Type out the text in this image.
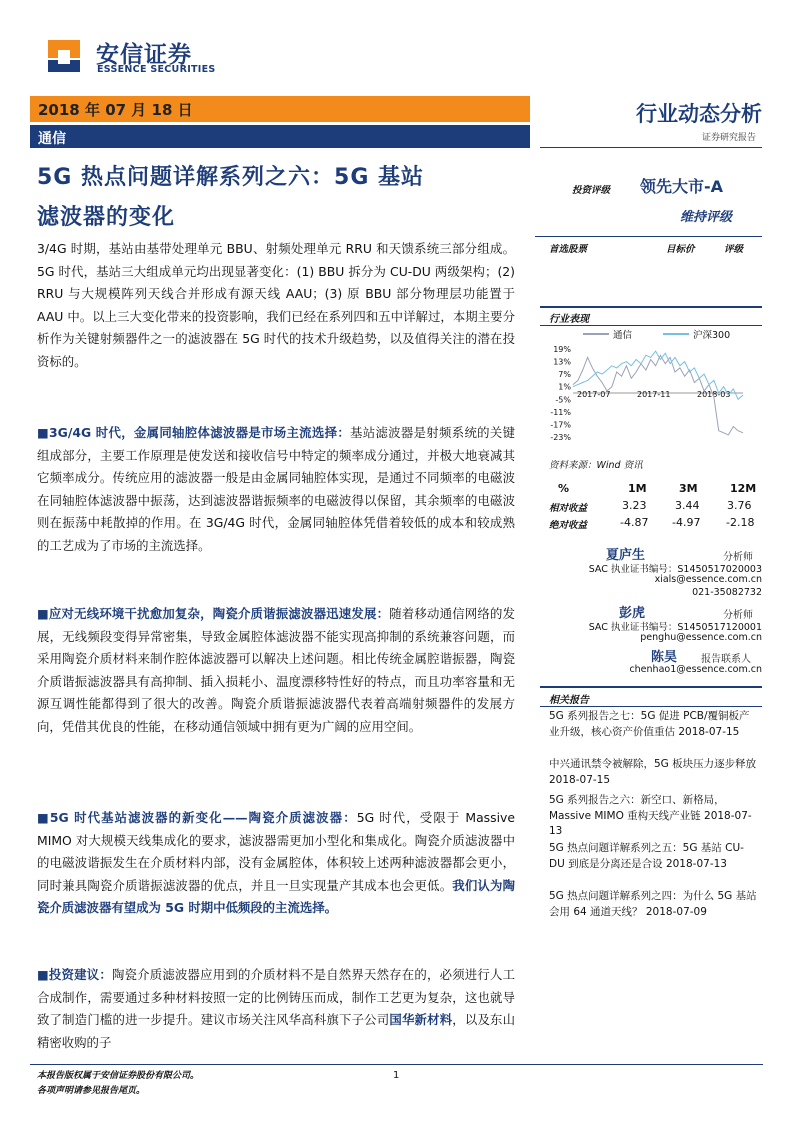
安信证券
ESSENCE SECURITIES
2018 年 07 月 18 日
通信
行业动态分析
证券研究报告
5G 热点问题详解系列之六：5G 基站
滤波器的变化

3/4G 时期，基站由基带处理单元 BBU、射频处理单元 RRU 和天馈系统三部分组成。5G 时代，基站三大组成单元均出现显著变化：(1) BBU 拆分为 CU-DU 两级架构；(2) RRU 与大规模阵列天线合并形成有源天线 AAU；(3) 原 BBU 部分物理层功能置于 AAU 中。以上三大变化带来的投资影响，我们已经在系列四和五中详解过，本期主要分析作为关键射频器件之一的滤波器在 5G 时代的技术升级趋势，以及值得关注的潜在投资标的。

■3G/4G 时代，金属同轴腔体滤波器是市场主流选择：基站滤波器是射频系统的关键组成部分，主要工作原理是使发送和接收信号中特定的频率成分通过，并极大地衰减其它频率成分。传统应用的滤波器一般是由金属同轴腔体实现，是通过不同频率的电磁波在同轴腔体滤波器中振荡，达到滤波器谐振频率的电磁波得以保留，其余频率的电磁波则在振荡中耗散掉的作用。在 3G/4G 时代，金属同轴腔体凭借着较低的成本和较成熟的工艺成为了市场的主流选择。

■应对无线环境干扰愈加复杂，陶瓷介质谐振滤波器迅速发展：随着移动通信网络的发展，无线频段变得异常密集，导致金属腔体滤波器不能实现高抑制的系统兼容问题，而采用陶瓷介质材料来制作腔体滤波器可以解决上述问题。相比传统金属腔谐振器，陶瓷介质谐振滤波器具有高抑制、插入损耗小、温度漂移特性好的特点，而且功率容量和无源互调性能都得到了很大的改善。陶瓷介质谐振滤波器代表着高端射频器件的发展方向，凭借其优良的性能，在移动通信领域中拥有更为广阔的应用空间。

■5G 时代基站滤波器的新变化——陶瓷介质滤波器：5G 时代，受限于 Massive MIMO 对大规模天线集成化的要求，滤波器需更加小型化和集成化。陶瓷介质滤波器中的电磁波谐振发生在介质材料内部，没有金属腔体，体积较上述两种滤波器都会更小，同时兼具陶瓷介质谐振滤波器的优点，并且一旦实现量产其成本也会更低。我们认为陶瓷介质滤波器有望成为 5G 时期中低频段的主流选择。

■投资建议：陶瓷介质滤波器应用到的介质材料不是自然界天然存在的，必须进行人工合成制作，需要通过多种材料按照一定的比例铸压而成，制作工艺更为复杂，这也就导致了制造门槛的进一步提升。建议市场关注风华高科旗下子公司国华新材料，以及东山精密收购的子

投资评级 领先大市-A
维持评级
首选股票	目标价	评级
行业表现
通信	沪深300
19%
13%
7%
1%
-5%
-11%
-17%
-23%
2017-07	2017-11	2018-03
资料来源：Wind 资讯
%	1M	3M	12M
相对收益	3.23	3.44	3.76
绝对收益	-4.87 -4.97 -2.18
夏庐生	分析师
SAC 执业证书编号：S1450517020003
xials@essence.com.cn
021-35082732
彭虎	分析师
SAC 执业证书编号：S1450517120001
penghu@essence.com.cn
陈昊 报告联系人
chenhao1@essence.com.cn
相关报告
5G 系列报告之七：5G 促进 PCB/覆铜板产业升级，核心资产价值重估 2018-07-15
中兴通讯禁令被解除，5G 板块压力逐步释放 2018-07-15
5G 系列报告之六：新空口、新格局，Massive MIMO 重构天线产业链 2018-07-13
5G 热点问题详解系列之五：5G 基站 CU-DU 到底是分离还是合设 2018-07-13
5G 热点问题详解系列之四：为什么 5G 基站会用 64 通道天线？ 2018-07-09
本报告版权属于安信证券股份有限公司。
各项声明请参见报告尾页。
1
